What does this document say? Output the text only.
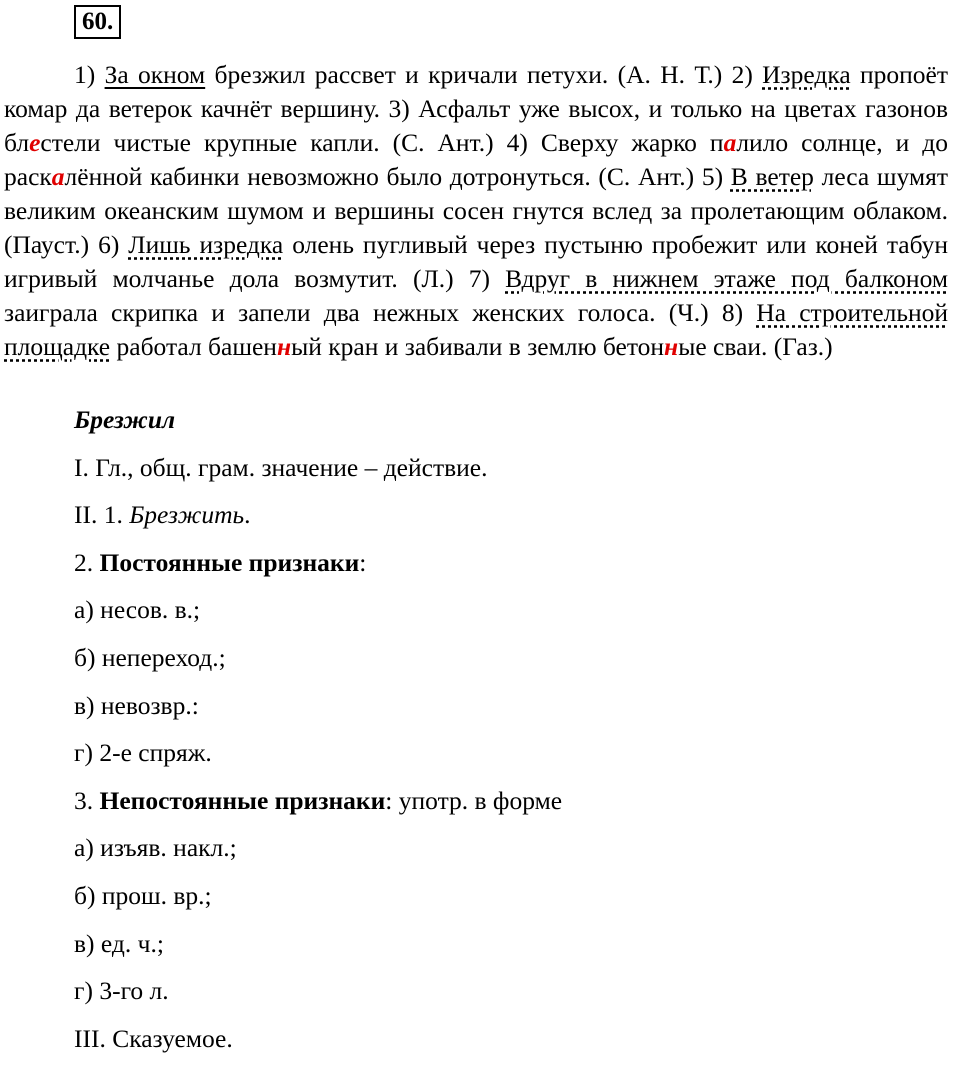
60.

1) За окном брезжил рассвет и кричали петухи. (А. Н. Т.) 2) Изредка пропоёт комар да ветерок качнёт вершину. 3) Асфальт уже высох, и только на цветах газонов блестели чистые крупные капли. (С. Ант.) 4) Сверху жарко палило солнце, и до раскалённой кабинки невозможно было дотронуться. (С. Ант.) 5) В ветер леса шумят великим океанским шумом и вершины сосен гнутся вслед за пролетающим облаком. (Пауст.) 6) Лишь изредка олень пугливый через пустыню пробежит или коней табун игривый молчанье дола возмутит. (Л.) 7) Вдруг в нижнем этаже под балконом заиграла скрипка и запели два нежных женских голоса. (Ч.) 8) На строительной площадке работал башенный кран и забивали в землю бетонные сваи. (Газ.)

Брезжил
I. Гл., общ. грам. значение – действие.
II. 1. Брезжить.
2. Постоянные признаки:
а) несов. в.;
б) непереход.;
в) невозвр.:
г) 2-е спряж.
3. Непостоянные признаки: употр. в форме
а) изъяв. накл.;
б) прош. вр.;
в) ед. ч.;
г) 3-го л.
III. Сказуемое.
